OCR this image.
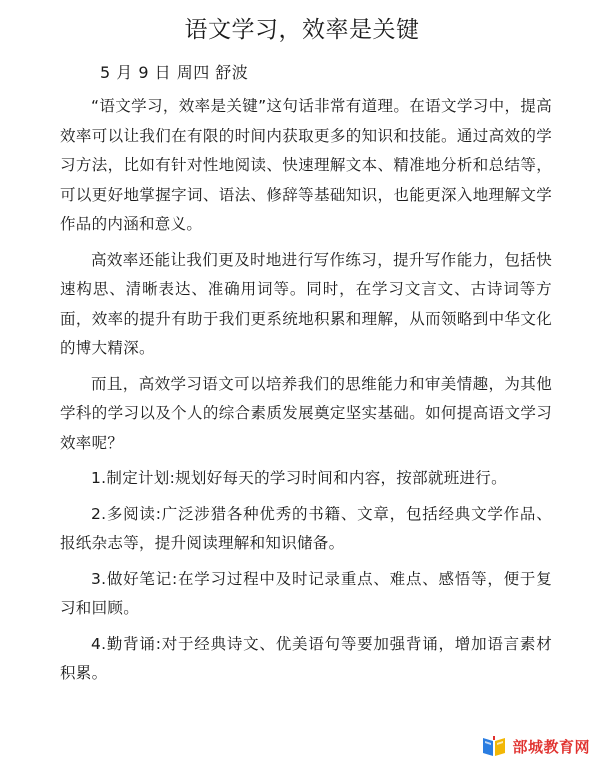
语文学习，效率是关键
5 月 9 日 周四 舒波

“语文学习，效率是关键”这句话非常有道理。在语文学习中，提高效率可以让我们在有限的时间内获取更多的知识和技能。通过高效的学习方法，比如有针对性地阅读、快速理解文本、精准地分析和总结等，可以更好地掌握字词、语法、修辞等基础知识，也能更深入地理解文学作品的内涵和意义。

高效率还能让我们更及时地进行写作练习，提升写作能力，包括快速构思、清晰表达、准确用词等。同时，在学习文言文、古诗词等方面，效率的提升有助于我们更系统地积累和理解，从而领略到中华文化的博大精深。

而且，高效学习语文可以培养我们的思维能力和审美情趣，为其他学科的学习以及个人的综合素质发展奠定坚实基础。如何提高语文学习效率呢？

1.制定计划:规划好每天的学习时间和内容，按部就班进行。

2.多阅读:广泛涉猎各种优秀的书籍、文章，包括经典文学作品、报纸杂志等，提升阅读理解和知识储备。

3.做好笔记:在学习过程中及时记录重点、难点、感悟等，便于复习和回顾。

4.勤背诵:对于经典诗文、优美语句等要加强背诵，增加语言素材积累。

部城教育网
